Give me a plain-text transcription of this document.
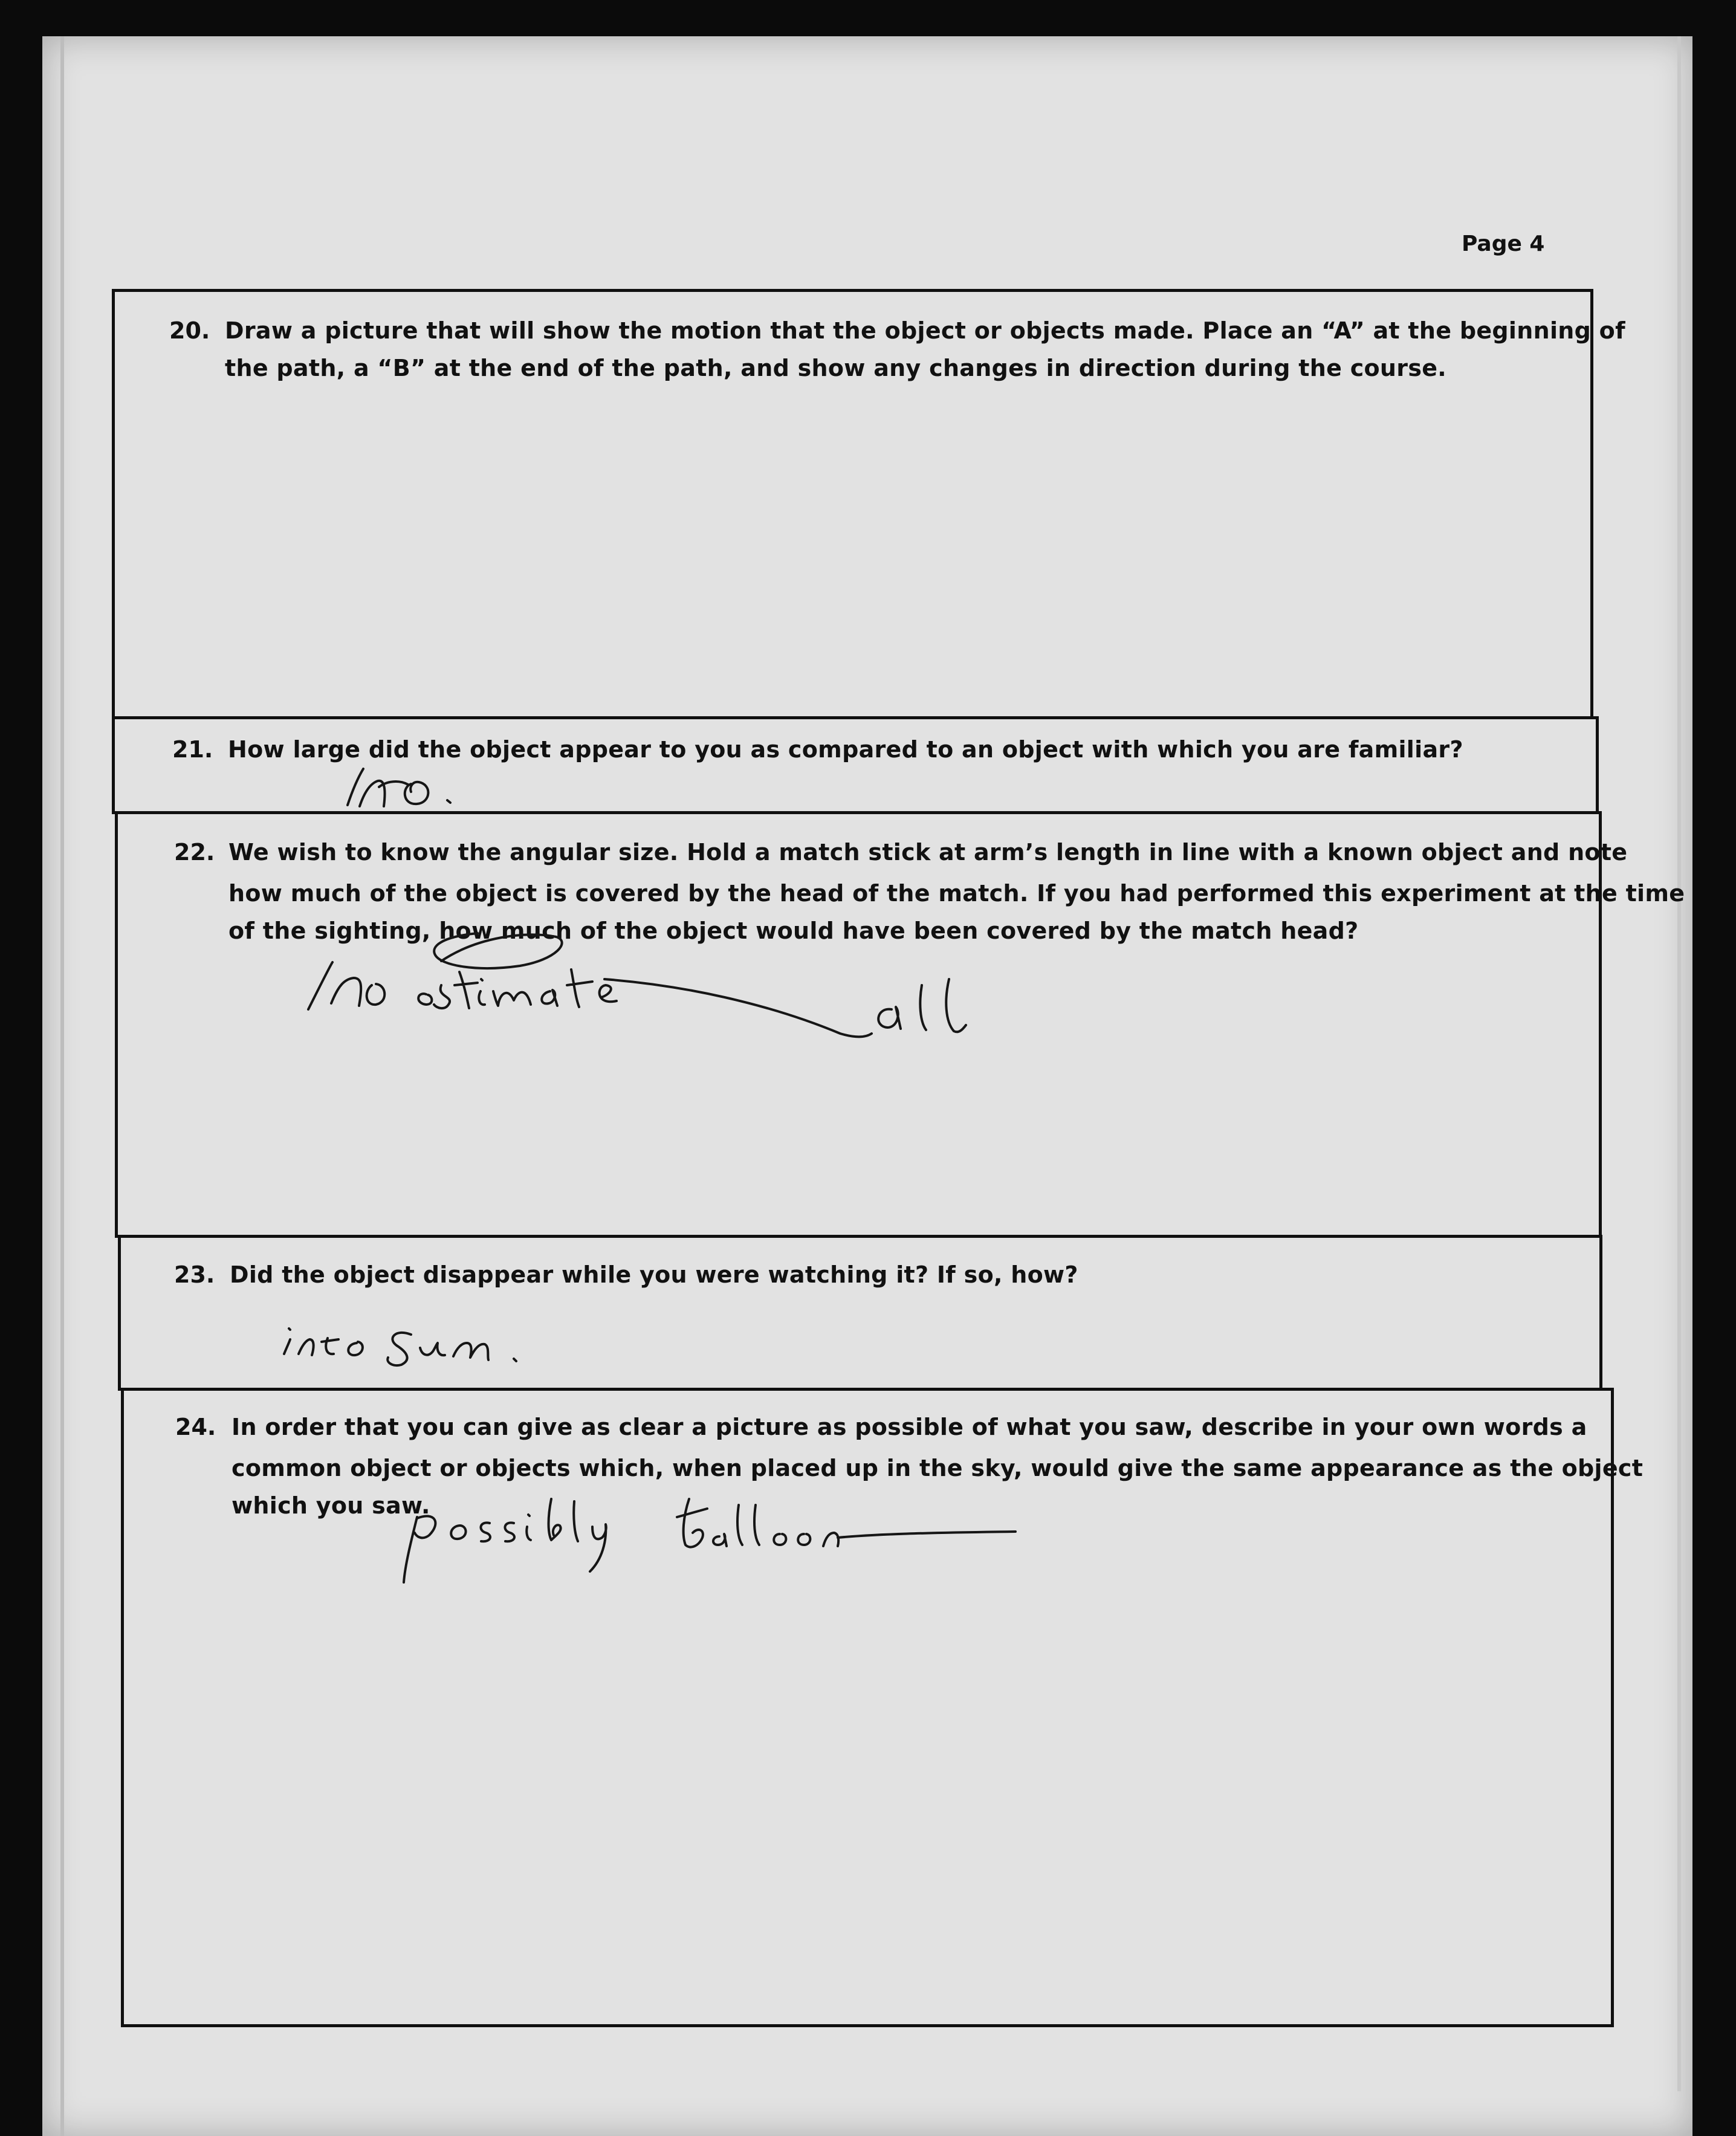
Page 4
20. Draw a picture that will show the motion that the object or objects made. Place an “A” at the beginning of
the path, a “B” at the end of the path, and show any changes in direction during the course.
21. How large did the object appear to you as compared to an object with which you are familiar?
22. We wish to know the angular size. Hold a match stick at arm’s length in line with a known object and note
how much of the object is covered by the head of the match. If you had performed this experiment at the time
of the sighting, how much of the object would have been covered by the match head?
23. Did the object disappear while you were watching it? If so, how?
24. In order that you can give as clear a picture as possible of what you saw, describe in your own words a
common object or objects which, when placed up in the sky, would give the same appearance as the object
which you saw.
